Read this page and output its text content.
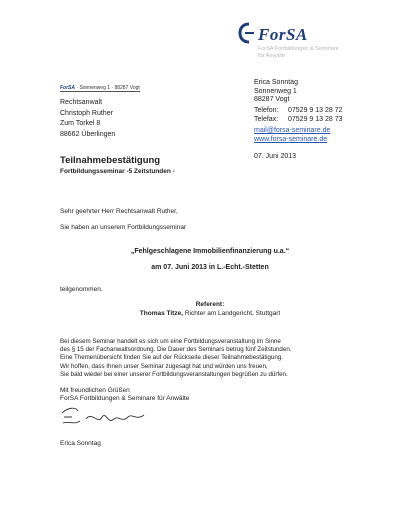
ForSA
ForSA Fortbildungen & Seminare
für Anwälte
ForSA · Sonnenweg 1 · 88287 Vogt
Rechtsanwalt
Christoph Ruther
Zum Torkel 8
88662 Überlingen
Erica Sonntag
Sonnenweg 1
88287 Vogt
Telefon: 07529 9 13 28 72
Telefax: 07529 9 13 28 73
mail@forsa-seminare.de
www.forsa-seminare.de
07. Juni 2013
Teilnahmebestätigung
Fortbildungsseminar -5 Zeitstunden -
Sehr geehrter Herr Rechtsanwalt Ruther,
Sie haben an unserem Fortbildungsseminar
„Fehlgeschlagene Immobilienfinanzierung u.a.“
am 07. Juni 2013 in L.-Echt.-Stetten
teilgenommen.
Referent:
Thomas Titze, Richter am Landgericht, Stuttgart
Bei diesem Seminar handelt es sich um eine Fortbildungsveranstaltung im Sinne
des § 15 der Fachanwaltsordnung. Die Dauer des Seminars betrug fünf Zeitstunden.
Eine Themenübersicht finden Sie auf der Rückseite dieser Teilnahmebestätigung.
Wir hoffen, dass Ihnen unser Seminar zugesagt hat und würden uns freuen,
Sie bald wieder bei einer unserer Fortbildungsveranstaltungen begrüßen zu dürfen.
Mit freundlichen Grüßen
ForSA Fortbildungen & Seminare für Anwälte
Erica Sonntag
